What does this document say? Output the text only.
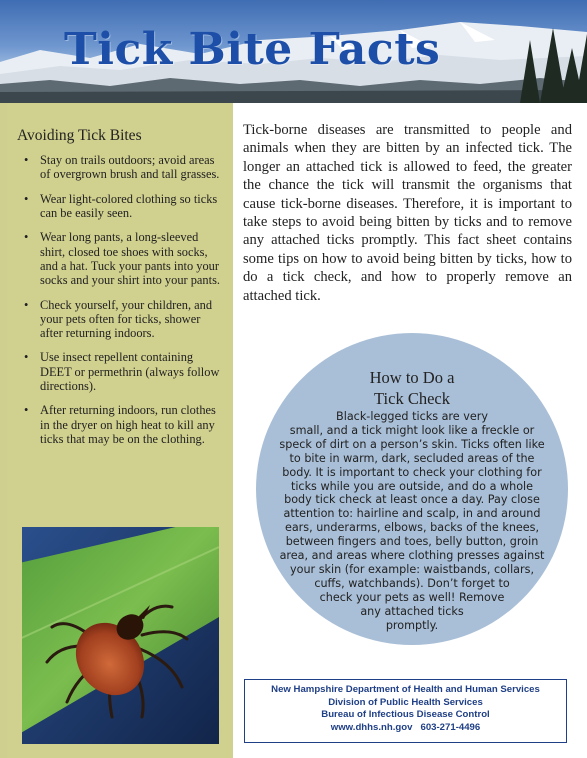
Tick Bite Facts
Avoiding Tick Bites
• Stay on trails outdoors; avoid areas of overgrown brush and tall grasses.
• Wear light-colored clothing so ticks can be easily seen.
• Wear long pants, a long-sleeved shirt, closed toe shoes with socks, and a hat. Tuck your pants into your socks and your shirt into your pants.
• Check yourself, your children, and your pets often for ticks, shower after returning indoors.
• Use insect repellent containing DEET or permethrin (always follow directions).
• After returning indoors, run clothes in the dryer on high heat to kill any ticks that may be on the clothing.

Tick-borne diseases are transmitted to people and animals when they are bitten by an infected tick. The longer an attached tick is allowed to feed, the greater the chance the tick will transmit the organisms that cause tick-borne diseases. Therefore, it is important to take steps to avoid being bitten by ticks and to remove any attached ticks promptly. This fact sheet contains some tips on how to avoid being bitten by ticks, how to do a tick check, and how to properly remove an attached tick.

How to Do a
Tick Check
Black-legged ticks are very
small, and a tick might look like a freckle or
speck of dirt on a person’s skin. Ticks often like
to bite in warm, dark, secluded areas of the
body. It is important to check your clothing for
ticks while you are outside, and do a whole
body tick check at least once a day. Pay close
attention to: hairline and scalp, in and around
ears, underarms, elbows, backs of the knees,
between fingers and toes, belly button, groin
area, and areas where clothing presses against
your skin (for example: waistbands, collars,
cuffs, watchbands). Don’t forget to
check your pets as well! Remove
any attached ticks
promptly.
New Hampshire Department of Health and Human Services
Division of Public Health Services
Bureau of Infectious Disease Control
www.dhhs.nh.gov 603-271-4496
